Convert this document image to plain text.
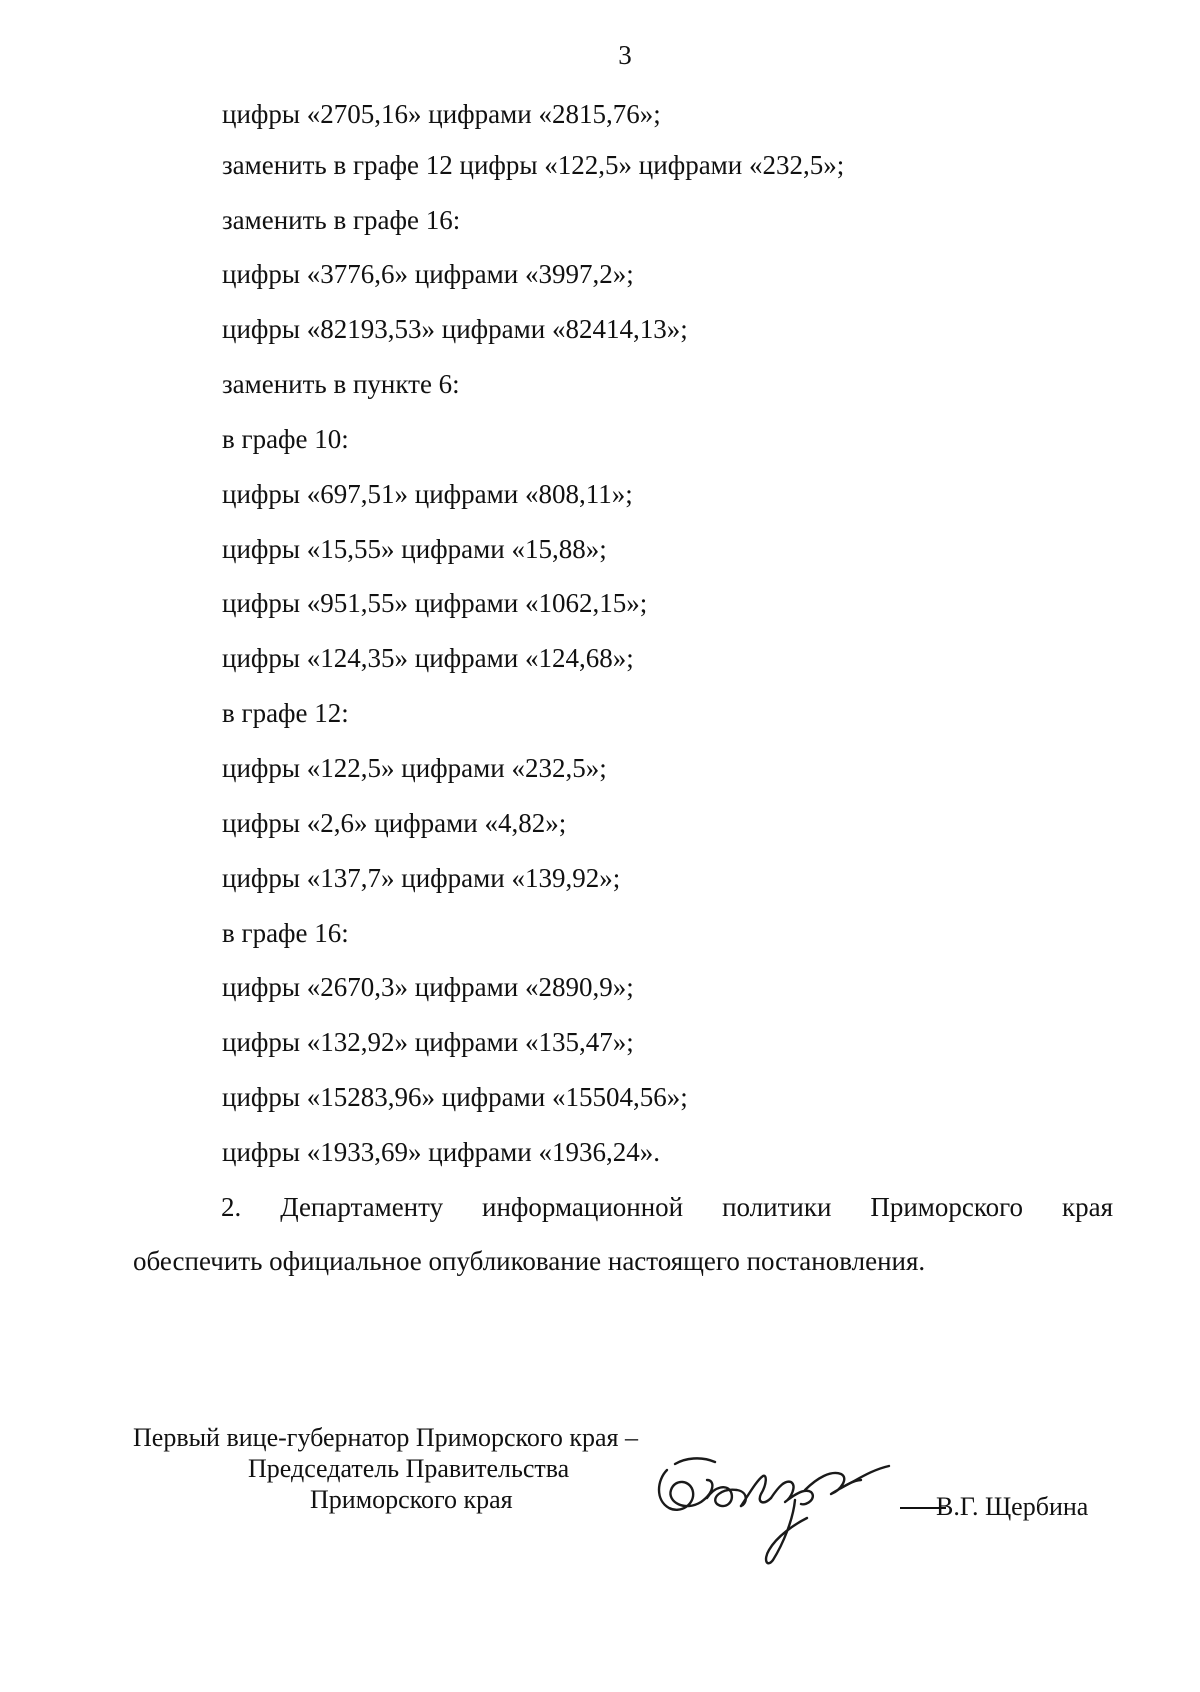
3
цифры «2705,16» цифрами «2815,76»;
заменить в графе 12 цифры «122,5» цифрами «232,5»;
заменить в графе 16:
цифры «3776,6» цифрами «3997,2»;
цифры «82193,53» цифрами «82414,13»;
заменить в пункте 6:
в графе 10:
цифры «697,51» цифрами «808,11»;
цифры «15,55» цифрами «15,88»;
цифры «951,55» цифрами «1062,15»;
цифры «124,35» цифрами «124,68»;
в графе 12:
цифры «122,5» цифрами «232,5»;
цифры «2,6» цифрами «4,82»;
цифры «137,7» цифрами «139,92»;
в графе 16:
цифры «2670,3» цифрами «2890,9»;
цифры «132,92» цифрами «135,47»;
цифры «15283,96» цифрами «15504,56»;
цифры «1933,69» цифрами «1936,24».
2. Департаменту информационной политики Приморского края
обеспечить официальное опубликование настоящего постановления.
Первый вице-губернатор Приморского края –
Председатель Правительства
Приморского края	В.Г. Щербина
